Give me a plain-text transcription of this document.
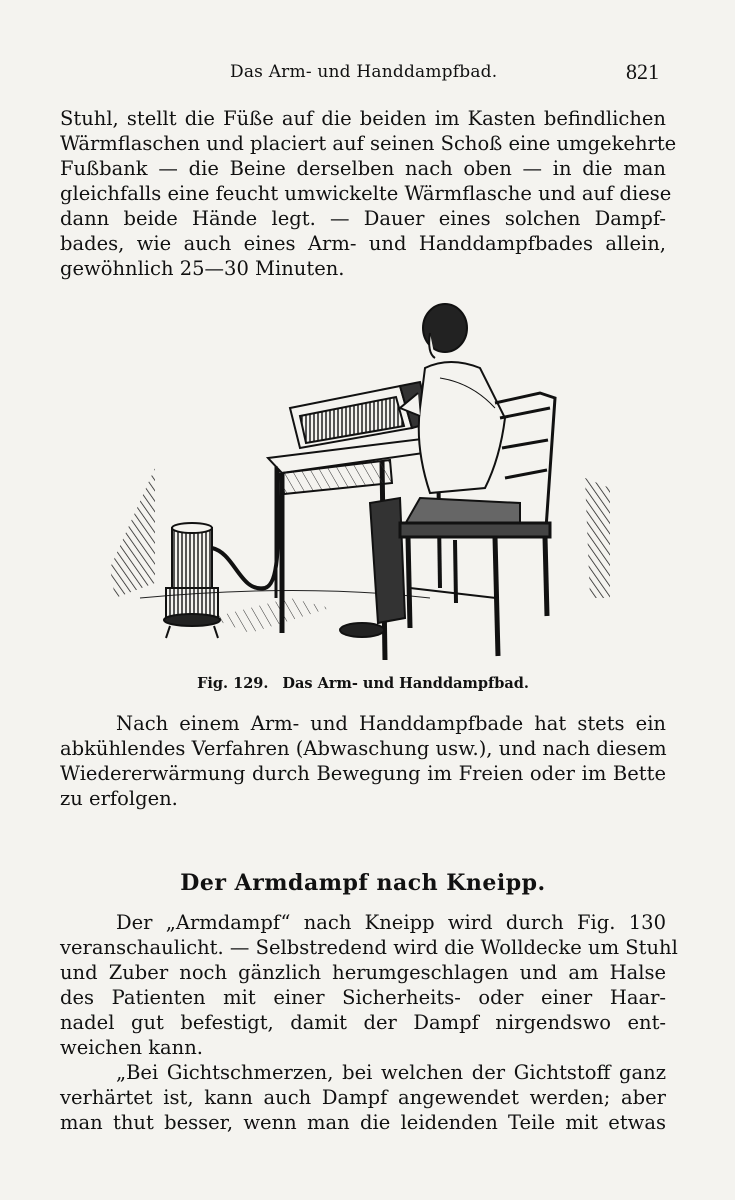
Das Arm- und Handdampfbad.	821
Stuhl, stellt die Füße auf die beiden im Kasten befindlichen
Wärmflaschen und placiert auf seinen Schoß eine umgekehrte
Fußbank — die Beine derselben nach oben — in die man
gleichfalls eine feucht umwickelte Wärmflasche und auf diese
dann beide Hände legt. — Dauer eines solchen Dampf-
bades, wie auch eines Arm- und Handdampfbades allein,
gewöhnlich 25—30 Minuten.
Fig. 129. Das Arm- und Handdampfbad.
Nach einem Arm- und Handdampfbade hat stets ein
abkühlendes Verfahren (Abwaschung usw.), und nach diesem
Wiedererwärmung durch Bewegung im Freien oder im Bette
zu erfolgen.
Der Armdampf nach Kneipp.
Der „Armdampf“ nach Kneipp wird durch Fig. 130
veranschaulicht. — Selbstredend wird die Wolldecke um Stuhl
und Zuber noch gänzlich herumgeschlagen und am Halse
des Patienten mit einer Sicherheits- oder einer Haar-
nadel gut befestigt, damit der Dampf nirgendswo ent-
weichen kann.
„Bei Gichtschmerzen, bei welchen der Gichtstoff ganz
verhärtet ist, kann auch Dampf angewendet werden; aber
man thut besser, wenn man die leidenden Teile mit etwas
